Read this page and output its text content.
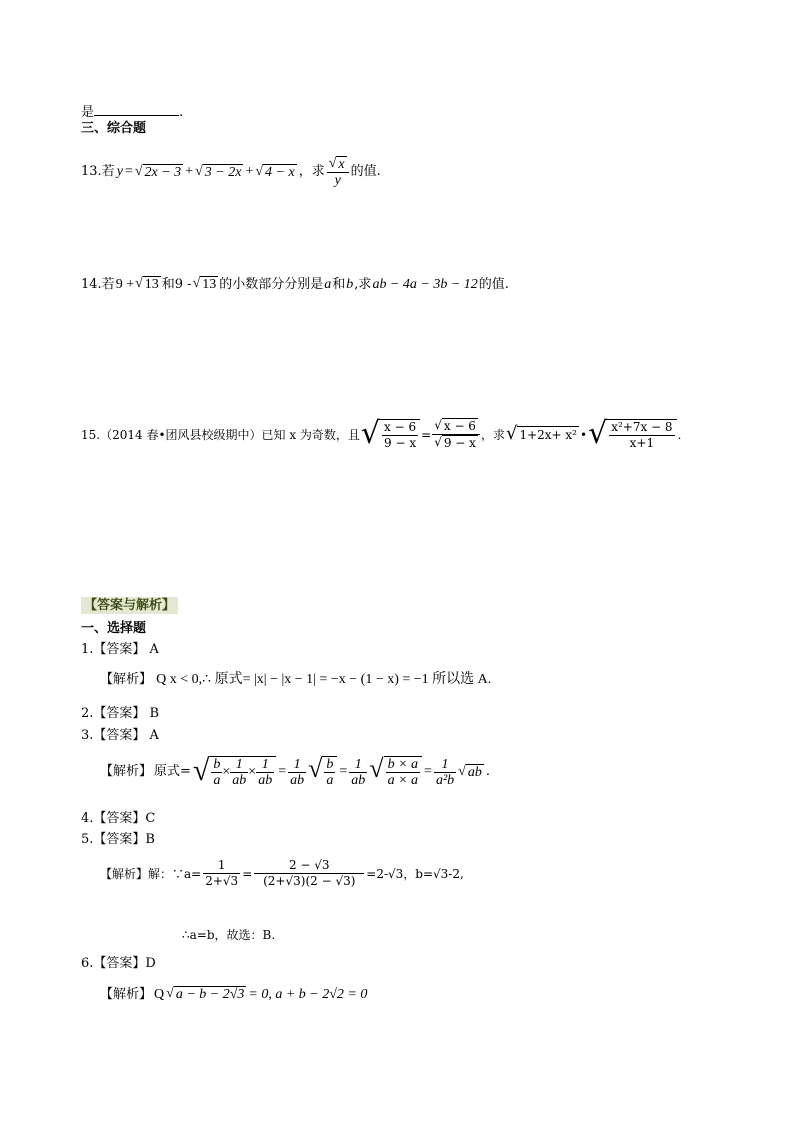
是	.
三、综合题
13.若 y = √ 2x − 3 + √ 3 − 2x + √ 4 − x ，求 $\frac{√ x}{y}$ 的值.
14.若 9 + √ 13 和9 - √ 13 的小数部分分别是 a 和 b ,求 ab − 4a − 3b − 12 的值.
15.（2014 春•团风县校级期中）已知 x 为奇数，且 √ $\frac{x - 6}{9 - x} = \frac{√ x - 6}{√ 9 - x}$ ，求 √ 1+2x+ x² • √ $\frac{\text{x²+7x − 8}}{x+1}$ .
【答案与解析】
一、选择题
1.【答案】 A
【解析】 Q x < 0,∴ 原式= |x| − |x − 1| = −x − (1 − x) = −1 所以选 A.
2.【答案】 B
3.【答案】 A
【解析】 原式= √ $\frac{b}{a} \times \frac{1}{ab} \times \frac{1}{ab} = \frac{1}{ab}$ √ $\frac{b}{a} = \frac{1}{ab}$ √ $\frac{b \times a}{a \times a} = \frac{1}{\text{a²b}}$ √ ab .
4.【答案】C
5.【答案】B
【解析】解：∵a= $\frac{1}{2+√3} = \frac{2 - √3}{(2+√3)(2 - √3)} =2-√3$，b=√3-2,
∴a=b，故选：B.
6.【答案】D
【解析】 Q √ a − b − 2√3 = 0, a + b − 2√2 = 0
